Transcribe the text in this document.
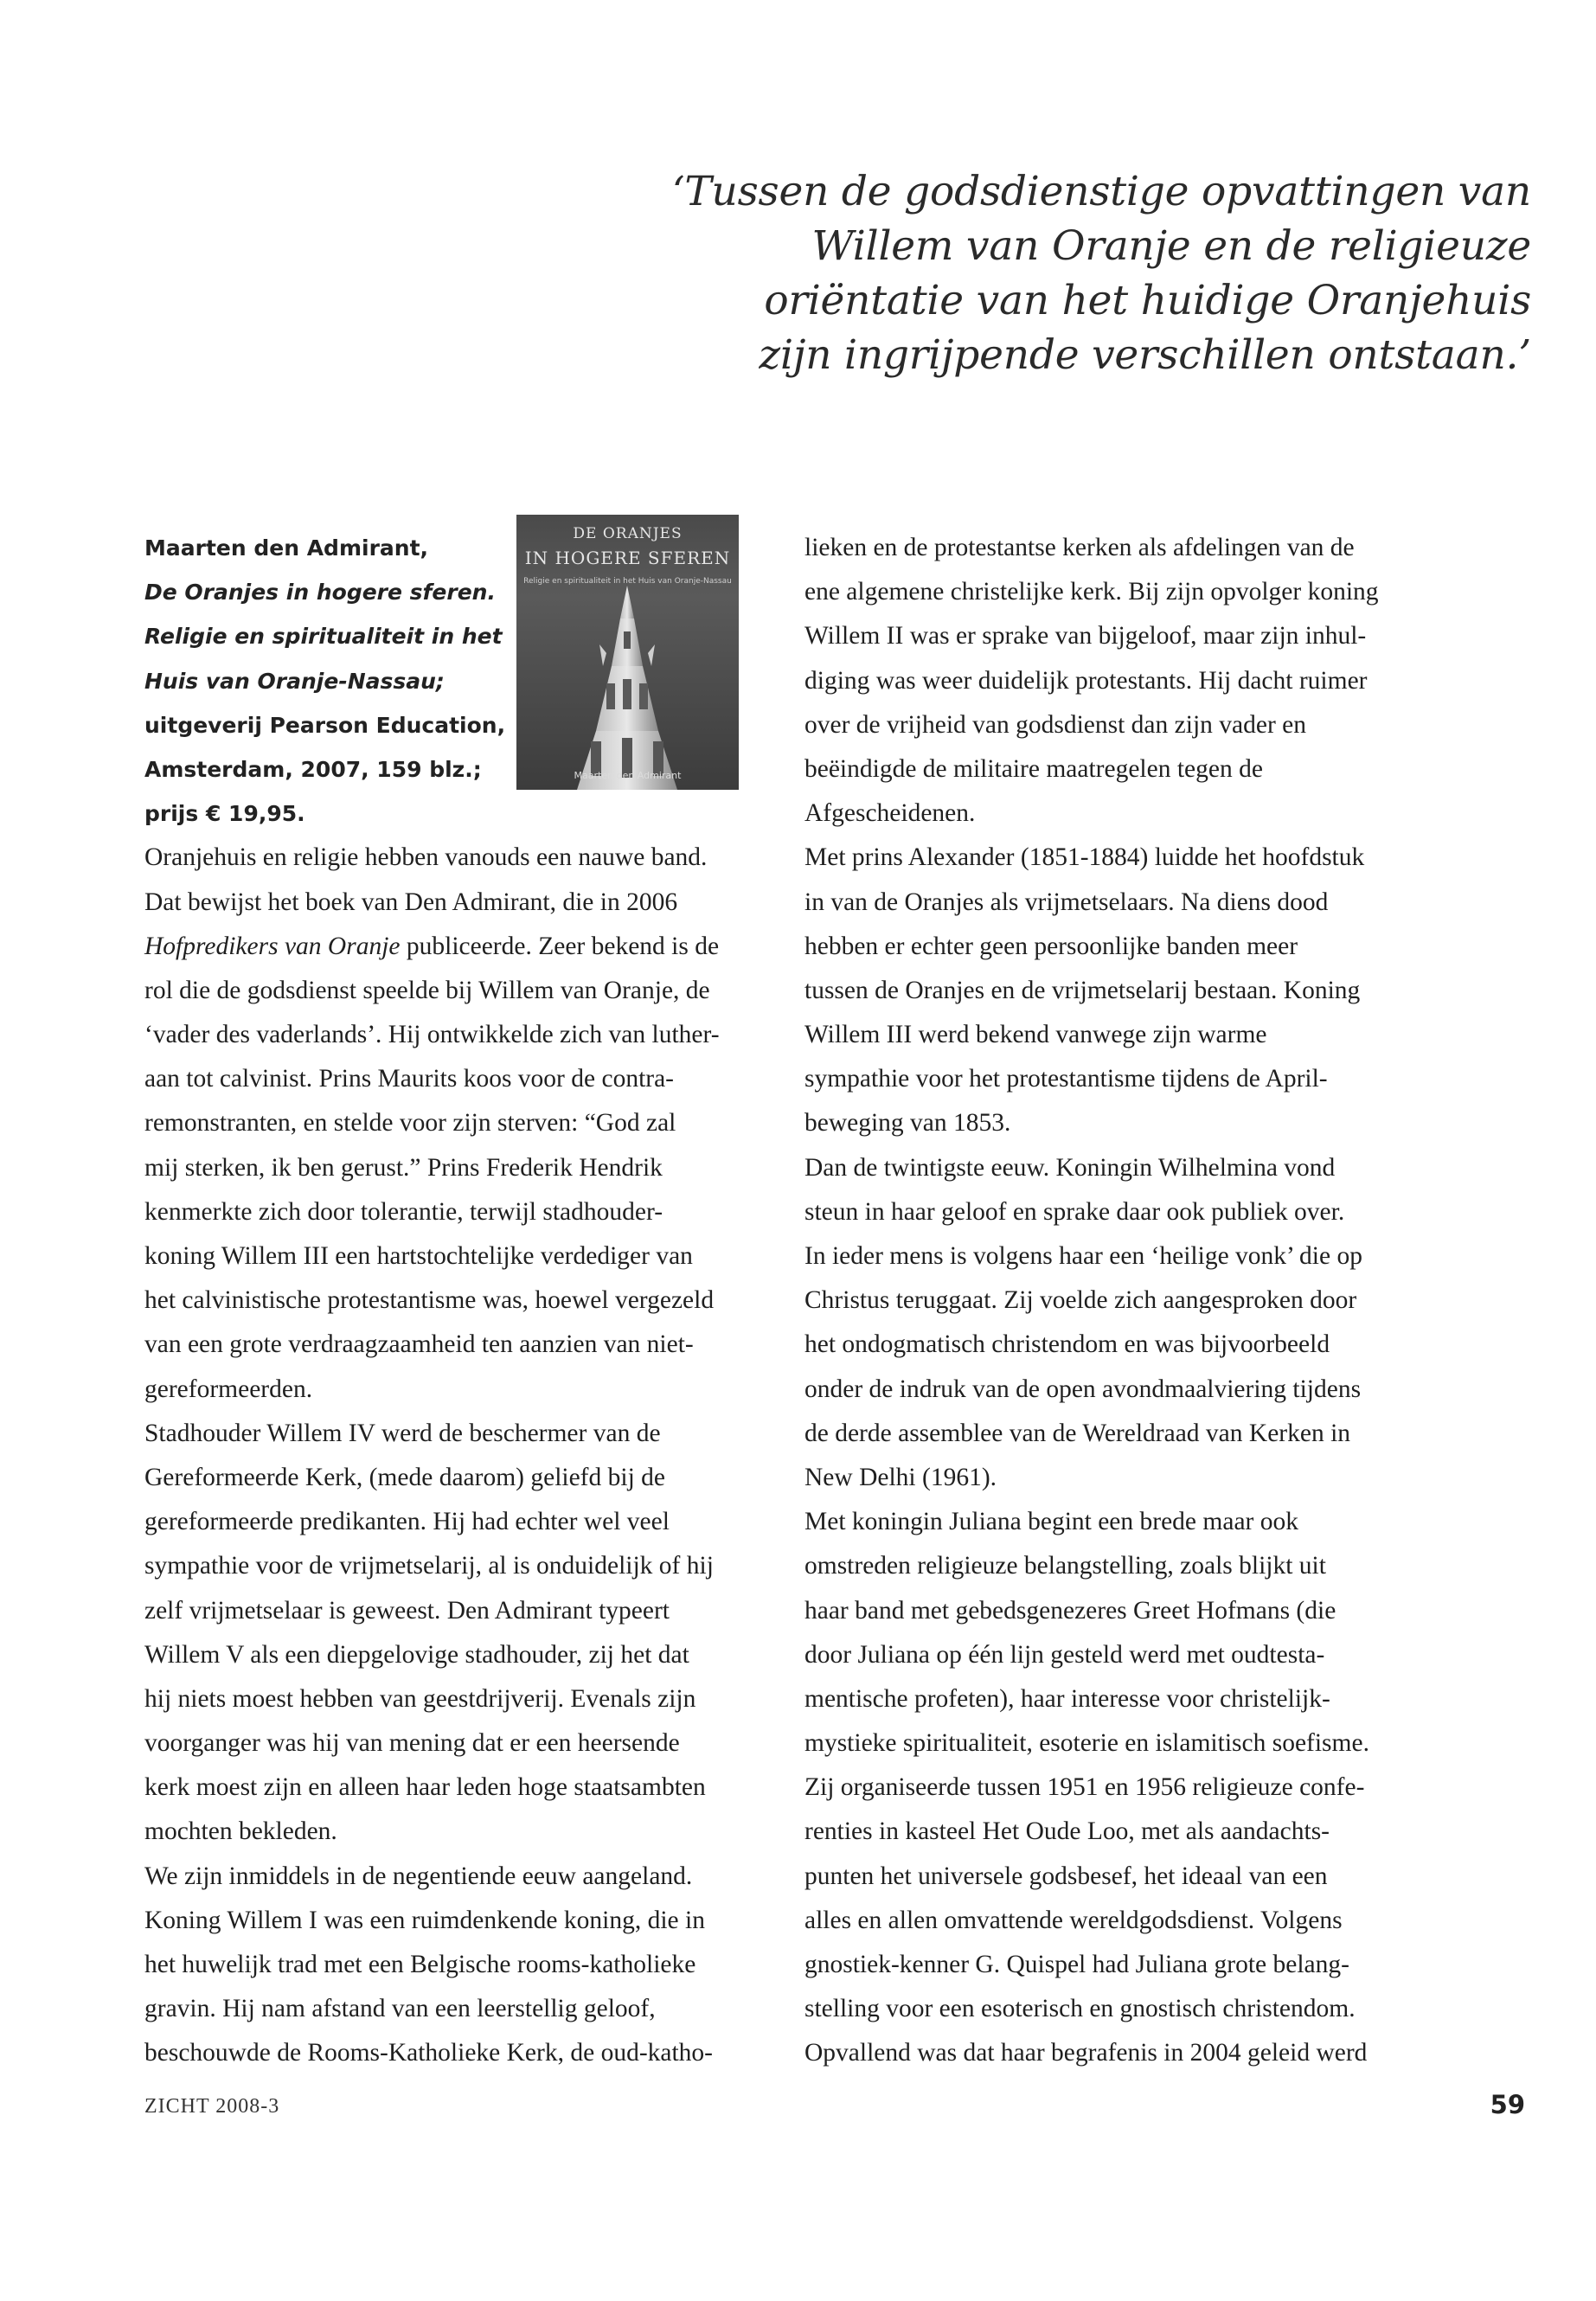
‘Tussen de godsdienstige opvattingen van
Willem van Oranje en de religieuze
oriëntatie van het huidige Oranjehuis
zijn ingrijpende verschillen ontstaan.’
DE ORANJES
IN HOGERE SFEREN
Religie en spiritualiteit in het Huis van Oranje-Nassau
Maarten den Admirant
Maarten den Admirant,
De Oranjes in hogere sferen.
Religie en spiritualiteit in het
Huis van Oranje-Nassau;
uitgeverij Pearson Education,
Amsterdam, 2007, 159 blz.;
prijs € 19,95.
Oranjehuis en religie hebben vanouds een nauwe band.
Dat bewijst het boek van Den Admirant, die in 2006
Hofpredikers van Oranje publiceerde. Zeer bekend is de
rol die de godsdienst speelde bij Willem van Oranje, de
‘vader des vaderlands’. Hij ontwikkelde zich van luther-
aan tot calvinist. Prins Maurits koos voor de contra-
remonstranten, en stelde voor zijn sterven: “God zal
mij sterken, ik ben gerust.” Prins Frederik Hendrik
kenmerkte zich door tolerantie, terwijl stadhouder-
koning Willem III een hartstochtelijke verdediger van
het calvinistische protestantisme was, hoewel vergezeld
van een grote verdraagzaamheid ten aanzien van niet-
gereformeerden.
Stadhouder Willem IV werd de beschermer van de
Gereformeerde Kerk, (mede daarom) geliefd bij de
gereformeerde predikanten. Hij had echter wel veel
sympathie voor de vrijmetselarij, al is onduidelijk of hij
zelf vrijmetselaar is geweest. Den Admirant typeert
Willem V als een diepgelovige stadhouder, zij het dat
hij niets moest hebben van geestdrijverij. Evenals zijn
voorganger was hij van mening dat er een heersende
kerk moest zijn en alleen haar leden hoge staatsambten
mochten bekleden.
We zijn inmiddels in de negentiende eeuw aangeland.
Koning Willem I was een ruimdenkende koning, die in
het huwelijk trad met een Belgische rooms-katholieke
gravin. Hij nam afstand van een leerstellig geloof,
beschouwde de Rooms-Katholieke Kerk, de oud-katho-
lieken en de protestantse kerken als afdelingen van de
ene algemene christelijke kerk. Bij zijn opvolger koning
Willem II was er sprake van bijgeloof, maar zijn inhul-
diging was weer duidelijk protestants. Hij dacht ruimer
over de vrijheid van godsdienst dan zijn vader en
beëindigde de militaire maatregelen tegen de
Afgescheidenen.
Met prins Alexander (1851-1884) luidde het hoofdstuk
in van de Oranjes als vrijmetselaars. Na diens dood
hebben er echter geen persoonlijke banden meer
tussen de Oranjes en de vrijmetselarij bestaan. Koning
Willem III werd bekend vanwege zijn warme
sympathie voor het protestantisme tijdens de April-
beweging van 1853.
Dan de twintigste eeuw. Koningin Wilhelmina vond
steun in haar geloof en sprake daar ook publiek over.
In ieder mens is volgens haar een ‘heilige vonk’ die op
Christus teruggaat. Zij voelde zich aangesproken door
het ondogmatisch christendom en was bijvoorbeeld
onder de indruk van de open avondmaalviering tijdens
de derde assemblee van de Wereldraad van Kerken in
New Delhi (1961).
Met koningin Juliana begint een brede maar ook
omstreden religieuze belangstelling, zoals blijkt uit
haar band met gebedsgenezeres Greet Hofmans (die
door Juliana op één lijn gesteld werd met oudtesta-
mentische profeten), haar interesse voor christelijk-
mystieke spiritualiteit, esoterie en islamitisch soefisme.
Zij organiseerde tussen 1951 en 1956 religieuze confe-
renties in kasteel Het Oude Loo, met als aandachts-
punten het universele godsbesef, het ideaal van een
alles en allen omvattende wereldgodsdienst. Volgens
gnostiek-kenner G. Quispel had Juliana grote belang-
stelling voor een esoterisch en gnostisch christendom.
Opvallend was dat haar begrafenis in 2004 geleid werd
ZICHT 2008-3	59
